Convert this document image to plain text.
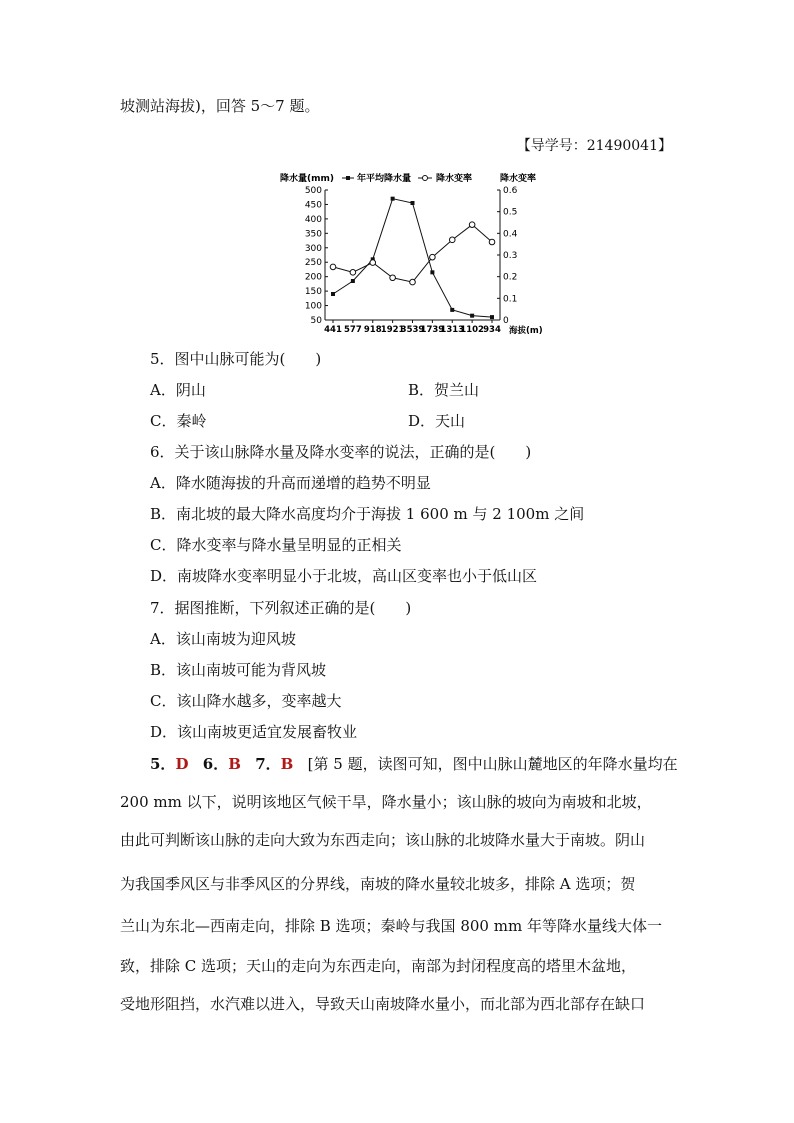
坡测站海拔)，回答 5～7 题。
【导学号：21490041】
降水量(mm)	年平均降水量	降水变率	降水变率
500
450
400
350
300
250
200
150
100
50
0.6
0.5
0.4
0.3
0.2
0.1
0
441 577 918 1921
3539
1739
1313
1102 934 海拔(m)
5．图中山脉可能为(　　)
A．阴山	B．贺兰山
C．秦岭	D．天山
6．关于该山脉降水量及降水变率的说法，正确的是(　　)
A．降水随海拔的升高而递增的趋势不明显
B．南北坡的最大降水高度均介于海拔 1 600 m 与 2 100m 之间
C．降水变率与降水量呈明显的正相关
D．南坡降水变率明显小于北坡，高山区变率也小于低山区
7．据图推断，下列叙述正确的是(　　)
A．该山南坡为迎风坡
B．该山南坡可能为背风坡
C．该山降水越多，变率越大
D．该山南坡更适宜发展畜牧业
5．D 6．B 7．B [第 5 题，读图可知，图中山脉山麓地区的年降水量均在
200 mm 以下，说明该地区气候干旱，降水量小；该山脉的坡向为南坡和北坡，
由此可判断该山脉的走向大致为东西走向；该山脉的北坡降水量大于南坡。阴山
为我国季风区与非季风区的分界线，南坡的降水量较北坡多，排除 A 选项；贺
兰山为东北—西南走向，排除 B 选项；秦岭与我国 800 mm 年等降水量线大体一
致，排除 C 选项；天山的走向为东西走向，南部为封闭程度高的塔里木盆地，
受地形阻挡，水汽难以进入，导致天山南坡降水量小，而北部为西北部存在缺口
